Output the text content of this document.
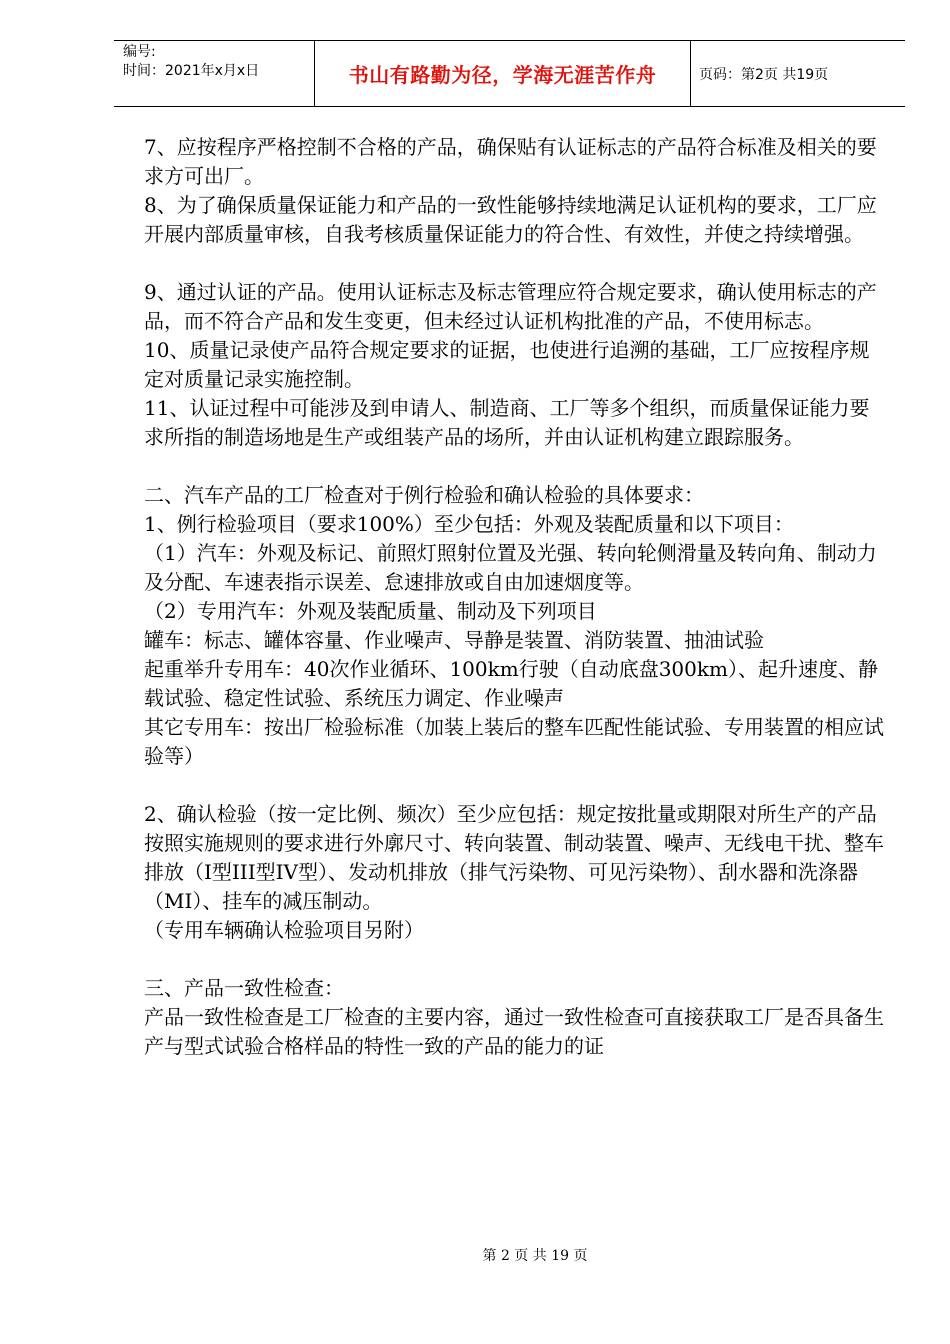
编号:
时间：2021年x月x日	书山有路勤为径，学海无涯苦作舟	页码：第2页 共19页

7、应按程序严格控制不合格的产品，确保贴有认证标志的产品符合标准及相关的要求方可出厂。

8、为了确保质量保证能力和产品的一致性能够持续地满足认证机构的要求，工厂应开展内部质量审核，自我考核质量保证能力的符合性、有效性，并使之持续增强。

9、通过认证的产品。使用认证标志及标志管理应符合规定要求，确认使用标志的产品，而不符合产品和发生变更，但未经过认证机构批准的产品，不使用标志。

10、质量记录使产品符合规定要求的证据，也使进行追溯的基础，工厂应按程序规定对质量记录实施控制。

11、认证过程中可能涉及到申请人、制造商、工厂等多个组织，而质量保证能力要求所指的制造场地是生产或组装产品的场所，并由认证机构建立跟踪服务。

二、汽车产品的工厂检查对于例行检验和确认检验的具体要求：

1、例行检验项目（要求100%）至少包括：外观及装配质量和以下项目：

（1）汽车：外观及标记、前照灯照射位置及光强、转向轮侧滑量及转向角、制动力及分配、车速表指示误差、怠速排放或自由加速烟度等。

（2）专用汽车：外观及装配质量、制动及下列项目

罐车：标志、罐体容量、作业噪声、导静是装置、消防装置、抽油试验

起重举升专用车：40次作业循环、100km行驶（自动底盘300km）、起升速度、静载试验、稳定性试验、系统压力调定、作业噪声

其它专用车：按出厂检验标准（加装上装后的整车匹配性能试验、专用装置的相应试验等）

2、确认检验（按一定比例、频次）至少应包括：规定按批量或期限对所生产的产品按照实施规则的要求进行外廓尺寸、转向装置、制动装置、噪声、无线电干扰、整车排放（I型III型IV型）、发动机排放（排气污染物、可见污染物）、刮水器和洗涤器（MI）、挂车的减压制动。

（专用车辆确认检验项目另附）

三、产品一致性检查：

产品一致性检查是工厂检查的主要内容，通过一致性检查可直接获取工厂是否具备生产与型式试验合格样品的特性一致的产品的能力的证

第 2 页 共 19 页
